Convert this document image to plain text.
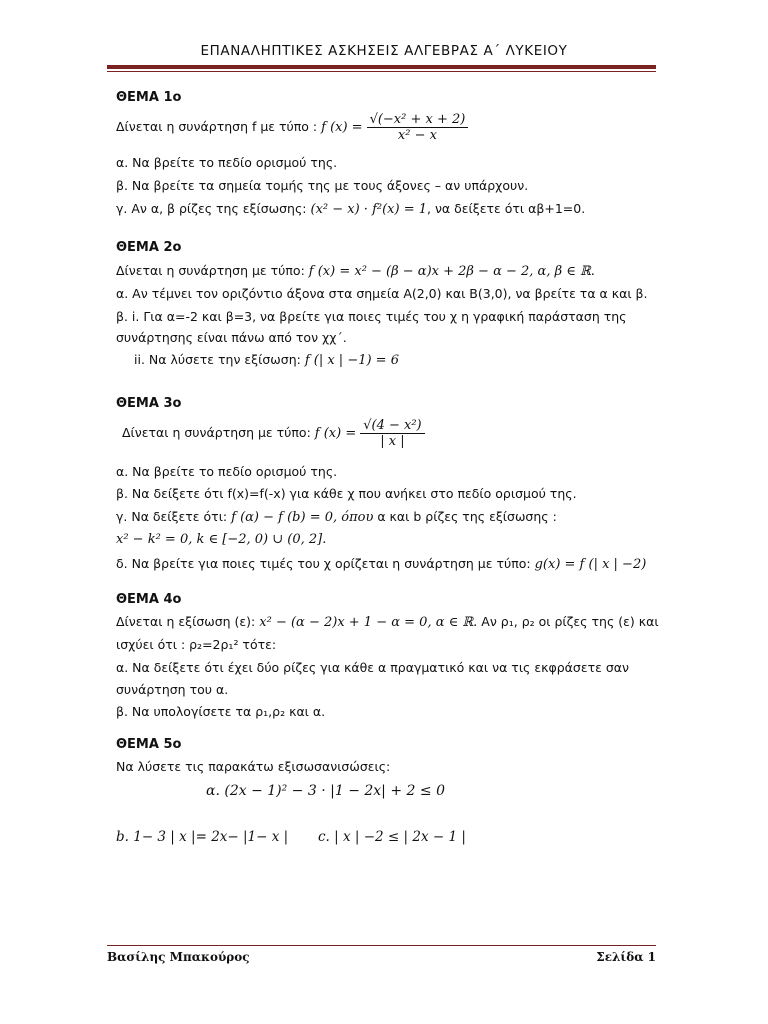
ΕΠΑΝΑΛΗΠΤΙΚΕΣ ΑΣΚΗΣΕΙΣ ΑΛΓΕΒΡΑΣ Α΄ ΛΥΚΕΙΟΥ
ΘΕΜΑ 1ο
Δίνεται η συνάρτηση f με τύπο : f $(x) = \frac{\text{√(−x² + x + 2)}}{\text{x² − x}}$
α. Να βρείτε το πεδίο ορισμού της.
β. Να βρείτε τα σημεία τομής της με τους άξονες – αν υπάρχουν.
γ. Αν α, β ρίζες της εξίσωσης: (x² − x) · f²(x) = 1, να δείξετε ότι αβ+1=0.
ΘΕΜΑ 2ο
Δίνεται η συνάρτηση με τύπο: f (x) = x² − (β − α)x + 2β − α − 2, α, β ∈ ℝ.
α. Αν τέμνει τον οριζόντιο άξονα στα σημεία Α(2,0) και Β(3,0), να βρείτε τα α και β.
β. i. Για α=-2 και β=3, να βρείτε για ποιες τιμές του χ η γραφική παράσταση της
συνάρτησης είναι πάνω από τον χχ΄.
ii. Να λύσετε την εξίσωση: f (| x | −1) = 6
ΘΕΜΑ 3ο
Δίνεται η συνάρτηση με τύπο: f $(x) = \frac{\text{√(4 − x²)}}{| x |}$
α. Να βρείτε το πεδίο ορισμού της.
β. Να δείξετε ότι f(x)=f(-x) για κάθε χ που ανήκει στο πεδίο ορισμού της.
γ. Να δείξετε ότι: f (α) − f (b) = 0, όπου α και b ρίζες της εξίσωσης :
x² − k² = 0, k ∈ [−2, 0) ∪ (0, 2].
δ. Να βρείτε για ποιες τιμές του χ ορίζεται η συνάρτηση με τύπο: g(x) = f (| x | −2)
ΘΕΜΑ 4ο
Δίνεται η εξίσωση (ε): x² − (α − 2)x + 1 − α = 0, α ∈ ℝ. Αν ρ₁, ρ₂ οι ρίζες της (ε) και
ισχύει ότι : ρ₂=2ρ₁² τότε:
α. Να δείξετε ότι έχει δύο ρίζες για κάθε α πραγματικό και να τις εκφράσετε σαν
συνάρτηση του α.
β. Να υπολογίσετε τα ρ₁,ρ₂ και α.
ΘΕΜΑ 5ο
Να λύσετε τις παρακάτω εξισωσανισώσεις:
α. (2x − 1)² − 3 · |1 − 2x| + 2 ≤ 0
b. 1− 3 | x |= 2x− |1− x | c. | x | −2 ≤ | 2x − 1 |
Βασίλης Μπακούρος	Σελίδα 1
